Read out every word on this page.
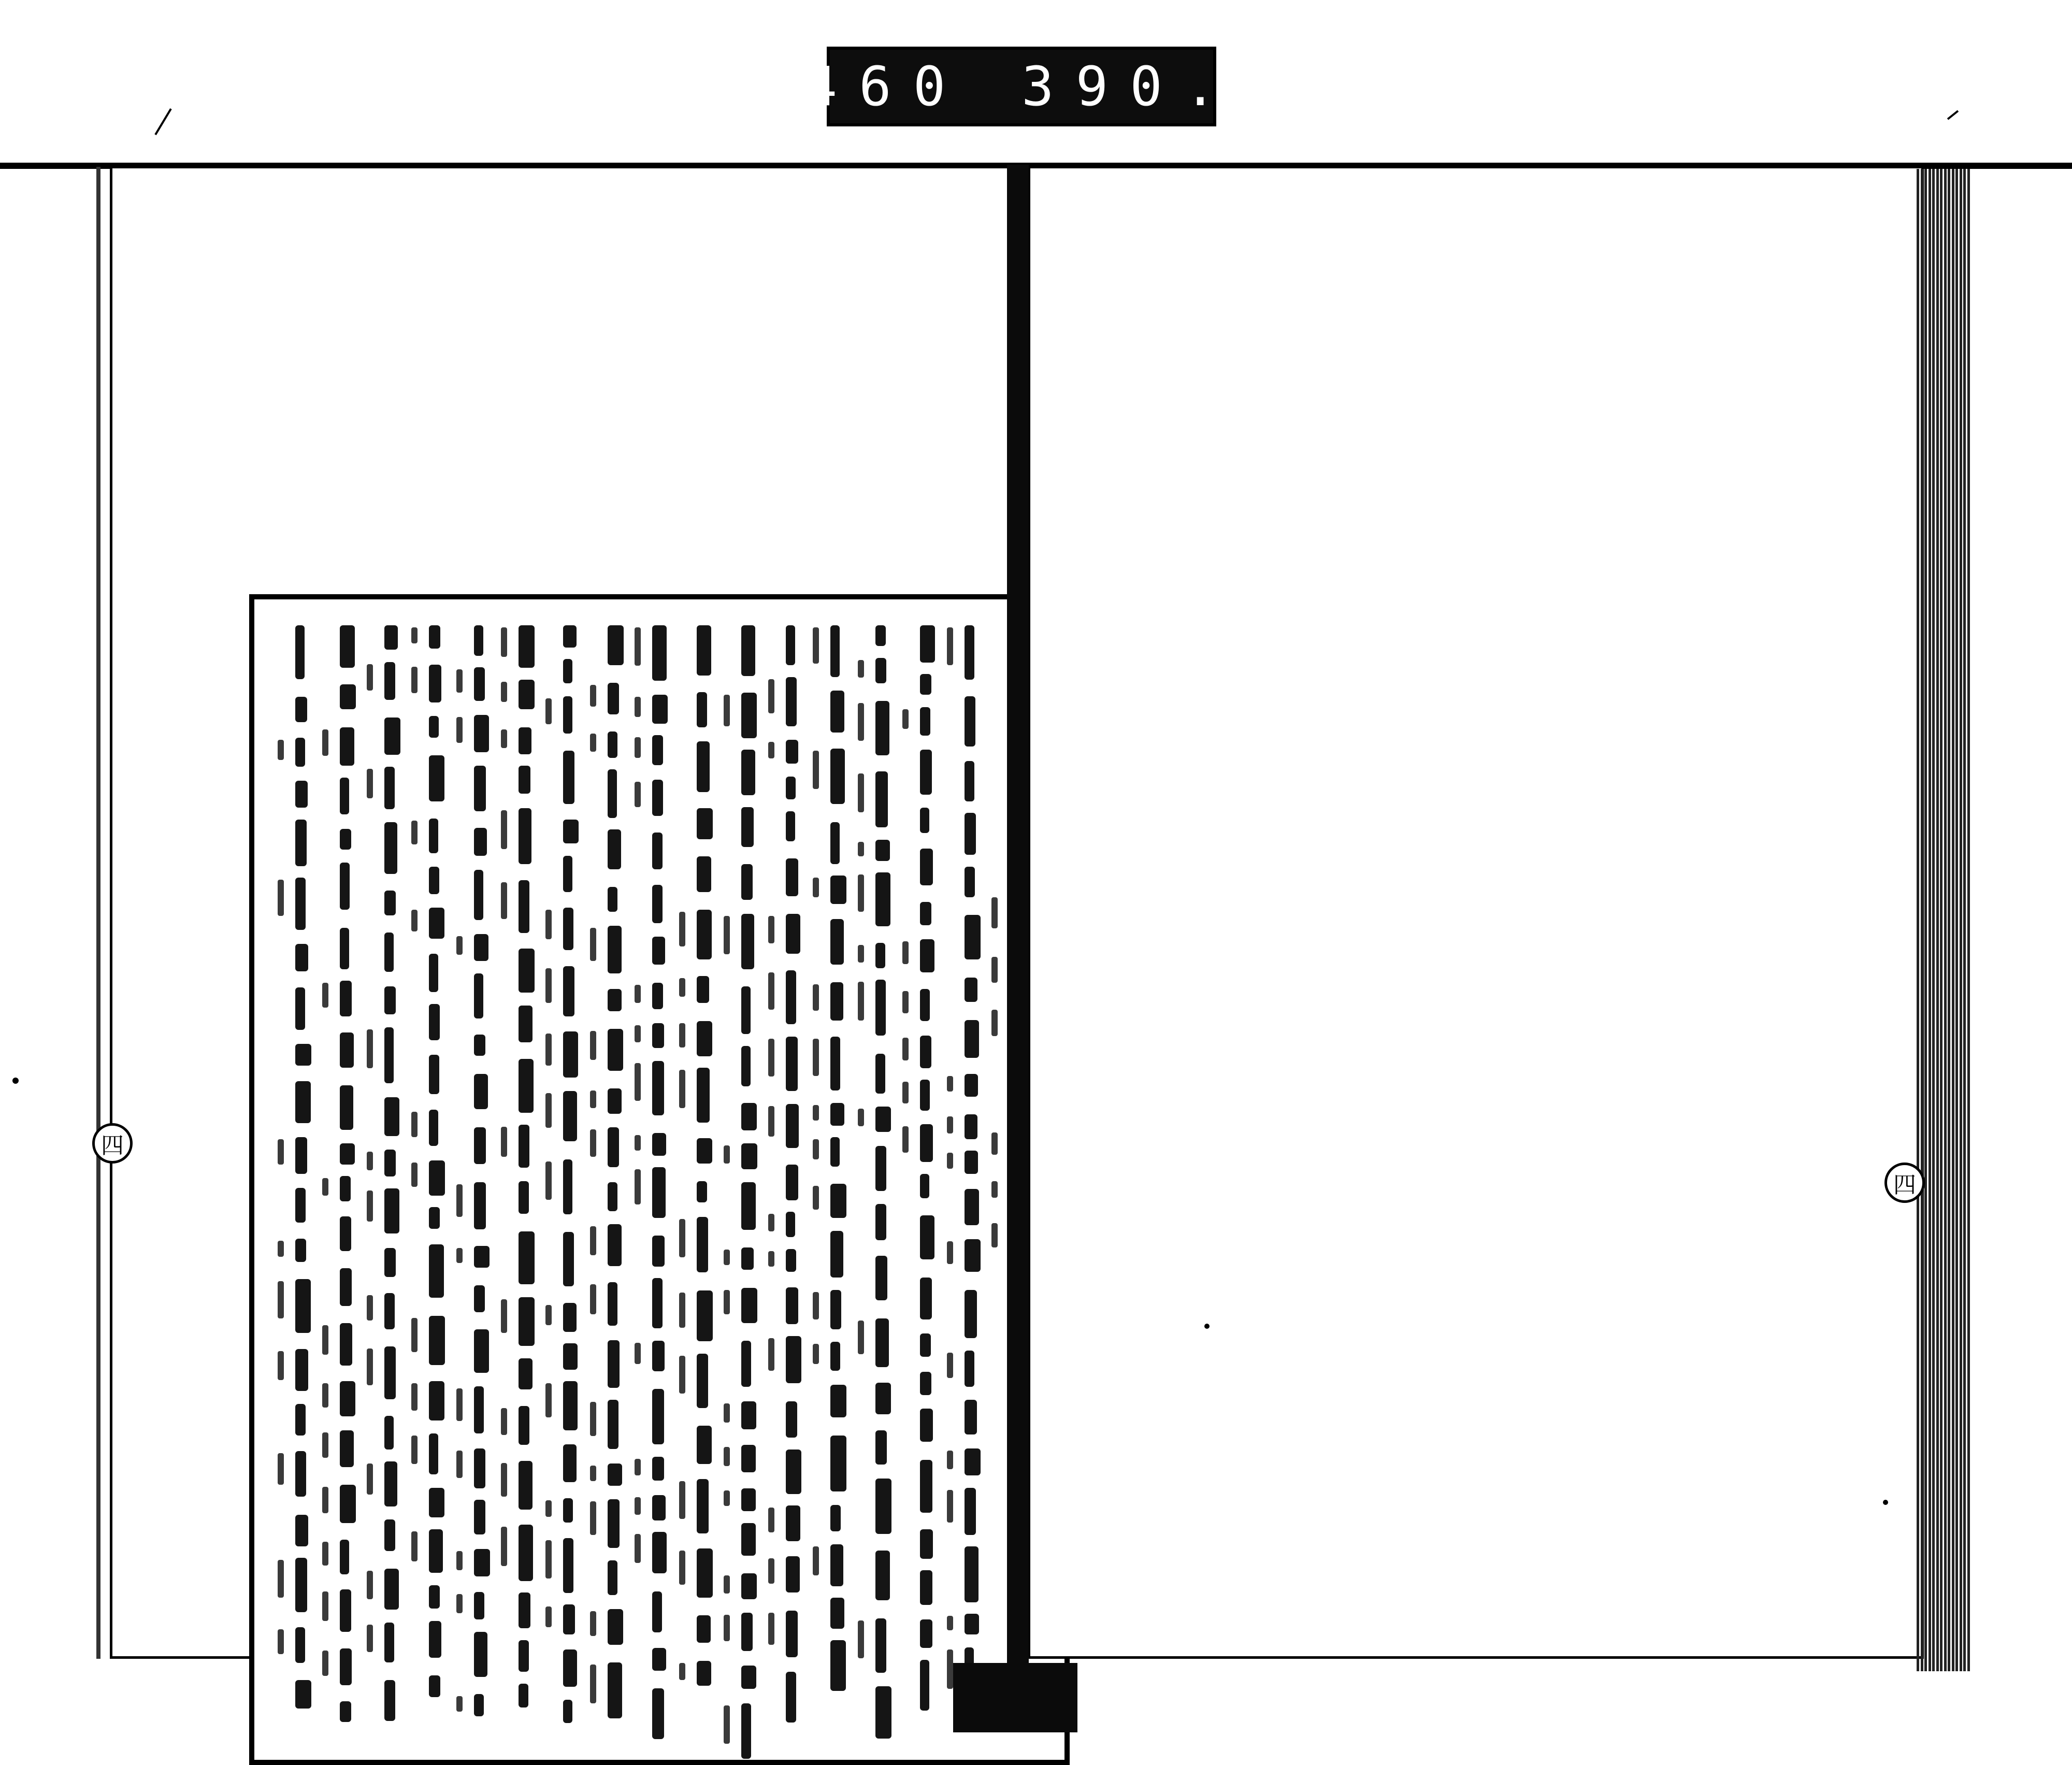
460 390.
四
四
